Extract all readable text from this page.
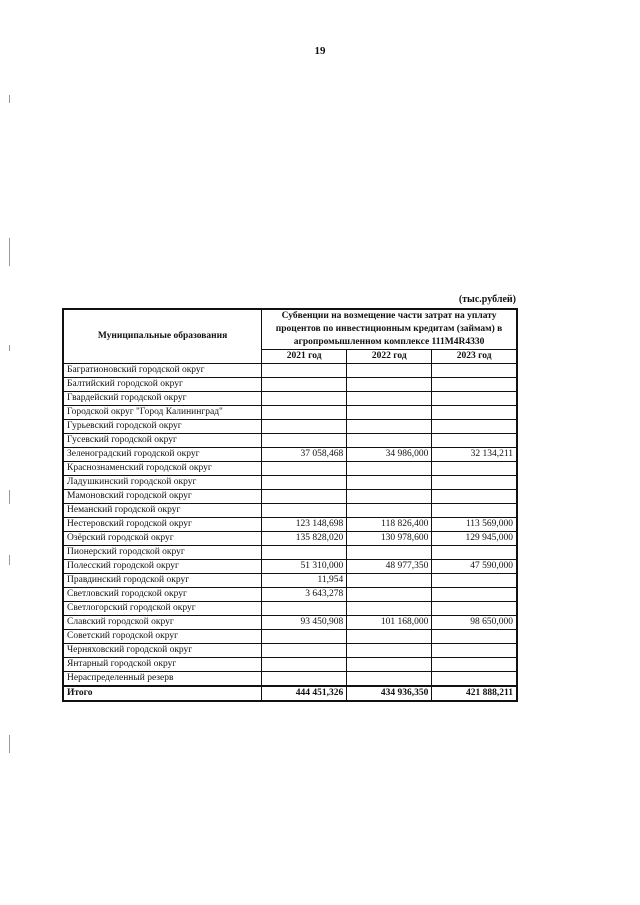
19
(тыс.рублей)
Муниципальные образования	Субвенции на возмещение части затрат на уплату процентов по инвестиционным кредитам (займам) в агропромышленном комплексе 111М4R4330		
	2021 год	2022 год	2023 год
Багратионовский городской округ			
Балтийский городской округ			
Гвардейский городской округ			
Городской округ "Город Калининград"			
Гурьевский городской округ			
Гусевский городской округ			
Зеленоградский городской округ	37 058,468	34 986,000	32 134,211
Краснознаменский городской округ			
Ладушкинский городской округ			
Мамоновский городской округ			
Неманский городской округ			
Нестеровский городской округ	123 148,698	118 826,400	113 569,000
Озёрский городской округ	135 828,020	130 978,600	129 945,000
Пионерский городской округ			
Полесский городской округ	51 310,000	48 977,350	47 590,000
Правдинский городской округ	11,954		
Светловский городской округ	3 643,278		
Светлогорский городской округ			
Славский городской округ	93 450,908	101 168,000	98 650,000
Советский городской округ			
Черняховский городской округ			
Янтарный городской округ			
Нераспределенный резерв			
Итого	444 451,326	434 936,350	421 888,211
